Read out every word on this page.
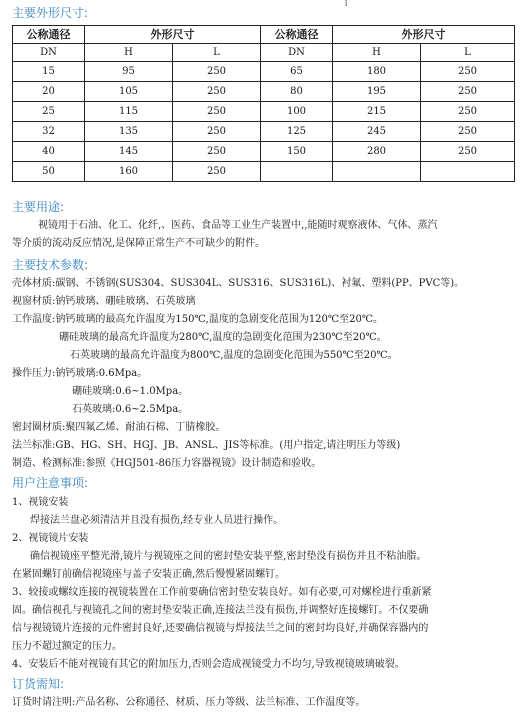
ǐ
主要外形尺寸:
公称通径	外形尺寸		公称通径	外形尺寸	
DN	H	L	DN	H	L
15	95	250	65	180	250
20	105	250	80	195	250
25	115	250	100	215	250
32	135	250	125	245	250
40	145	250	150	280	250
50	160	250			
主要用途:
视镜用于石油、化工、化纤,、医药、食品等工业生产装置中,,能随时观察液体、气体、蒸汽
等介质的流动反应情况,是保障正常生产不可缺少的附件。
主要技术参数:
壳体材质:碳钢、不锈钢(SUS304、SUS304L、SUS316、SUS316L)、衬氟、塑料(PP、PVC等)。
视窗材质:钠钙玻璃、硼硅玻璃、石英玻璃
工作温度:钠钙玻璃的最高允许温度为150℃,温度的急剧变化范围为120℃至20℃。
硼硅玻璃的最高允许温度为280℃,温度的急剧变化范围为230℃至20℃。
石英玻璃的最高允许温度为800℃,温度的急剧变化范围为550℃至20℃。
操作压力:钠钙玻璃:0.6Mpa。
硼硅玻璃:0.6~1.0Mpa。
石英玻璃:0.6~2.5Mpa。
密封圈材质:聚四氟乙烯、耐油石棉、丁腈橡胶。
法兰标准:GB、HG、SH、HGJ、JB、ANSL、JIS等标准。(用户指定,请注明压力等级)
制造、检测标准:参照《HGJ501-86压力容器视镜》设计制造和验收。
用户注意事项:
1、视镜安装
焊接法兰盘必须清洁并且没有损伤,经专业人员进行操作。
2、视镜镜片安装
确信视镜座平整光滑,镜片与视镜座之间的密封垫安装平整,密封垫没有损伤并且不粘油脂。
在紧固螺钉前确信视镜座与盖子安装正确,然后慢慢紧固螺钉。
3、较接或螺纹连接的视镜装置在工作前要确信密封垫安装良好。如有必要,可对螺栓进行重新紧
固。确信视孔与视镜孔之间的密封垫安装正确,连接法兰没有损伤,并调整好连接螺钉。不仅要确
信与视镜镜片连接的元件密封良好,还要确信视镜与焊接法兰之间的密封均良好,并确保容器内的
压力不超过额定的压力。
4、安装后不能对视镜有其它的附加压力,否则会造成视镜受力不均匀,导致视镜玻璃破裂。
订货需知:
订货时请注明:产品名称、公称通径、材质、压力等级、法兰标准、工作温度等。
